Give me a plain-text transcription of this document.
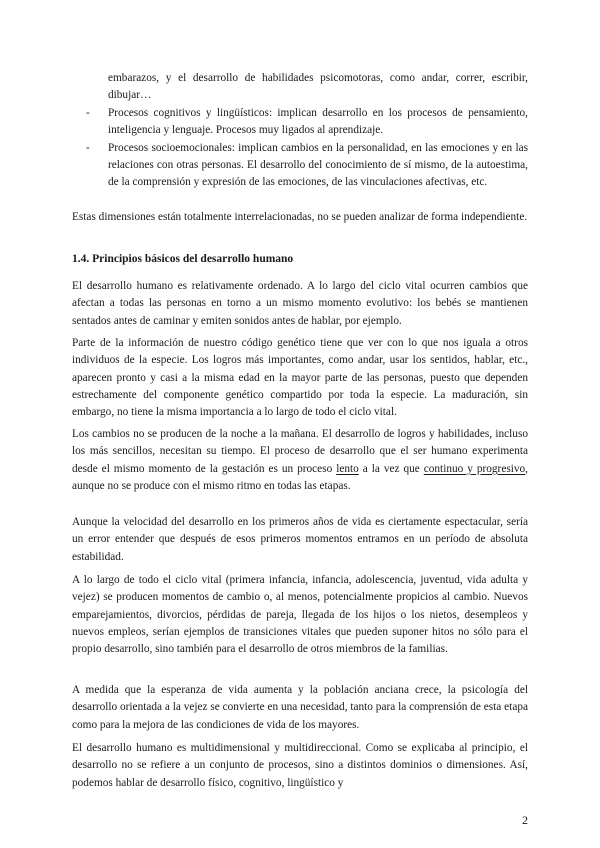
embarazos, y el desarrollo de habilidades psicomotoras, como andar, correr, escribir, dibujar…

- Procesos cognitivos y lingüísticos: implican desarrollo en los procesos de pensamiento, inteligencia y lenguaje. Procesos muy ligados al aprendizaje.
- Procesos socioemocionales: implican cambios en la personalidad, en las emociones y en las relaciones con otras personas. El desarrollo del conocimiento de sí mismo, de la autoestima, de la comprensión y expresión de las emociones, de las vinculaciones afectivas, etc.

Estas dimensiones están totalmente interrelacionadas, no se pueden analizar de forma independiente.

1.4. Principios básicos del desarrollo humano

El desarrollo humano es relativamente ordenado. A lo largo del ciclo vital ocurren cambios que afectan a todas las personas en torno a un mismo momento evolutivo: los bebés se mantienen sentados antes de caminar y emiten sonidos antes de hablar, por ejemplo.

Parte de la información de nuestro código genético tiene que ver con lo que nos iguala a otros individuos de la especie. Los logros más importantes, como andar, usar los sentidos, hablar, etc., aparecen pronto y casi a la misma edad en la mayor parte de las personas, puesto que dependen estrechamente del componente genético compartido por toda la especie. La maduración, sin embargo, no tiene la misma importancia a lo largo de todo el ciclo vital.

Los cambios no se producen de la noche a la mañana. El desarrollo de logros y habilidades, incluso los más sencillos, necesitan su tiempo. El proceso de desarrollo que el ser humano experimenta desde el mismo momento de la gestación es un proceso lento a la vez que continuo y progresivo, aunque no se produce con el mismo ritmo en todas las etapas.

Aunque la velocidad del desarrollo en los primeros años de vida es ciertamente espectacular, sería un error entender que después de esos primeros momentos entramos en un período de absoluta estabilidad.

A lo largo de todo el ciclo vital (primera infancia, infancia, adolescencia, juventud, vida adulta y vejez) se producen momentos de cambio o, al menos, potencialmente propicios al cambio. Nuevos emparejamientos, divorcios, pérdidas de pareja, llegada de los hijos o los nietos, desempleos y nuevos empleos, serían ejemplos de transiciones vitales que pueden suponer hitos no sólo para el propio desarrollo, sino también para el desarrollo de otros miembros de la familias.

A medida que la esperanza de vida aumenta y la población anciana crece, la psicología del desarrollo orientada a la vejez se convierte en una necesidad, tanto para la comprensión de esta etapa como para la mejora de las condiciones de vida de los mayores.

El desarrollo humano es multidimensional y multidireccional. Como se explicaba al principio, el desarrollo no se refiere a un conjunto de procesos, sino a distintos dominios o dimensiones. Así, podemos hablar de desarrollo físico, cognitivo, lingüístico y

2
